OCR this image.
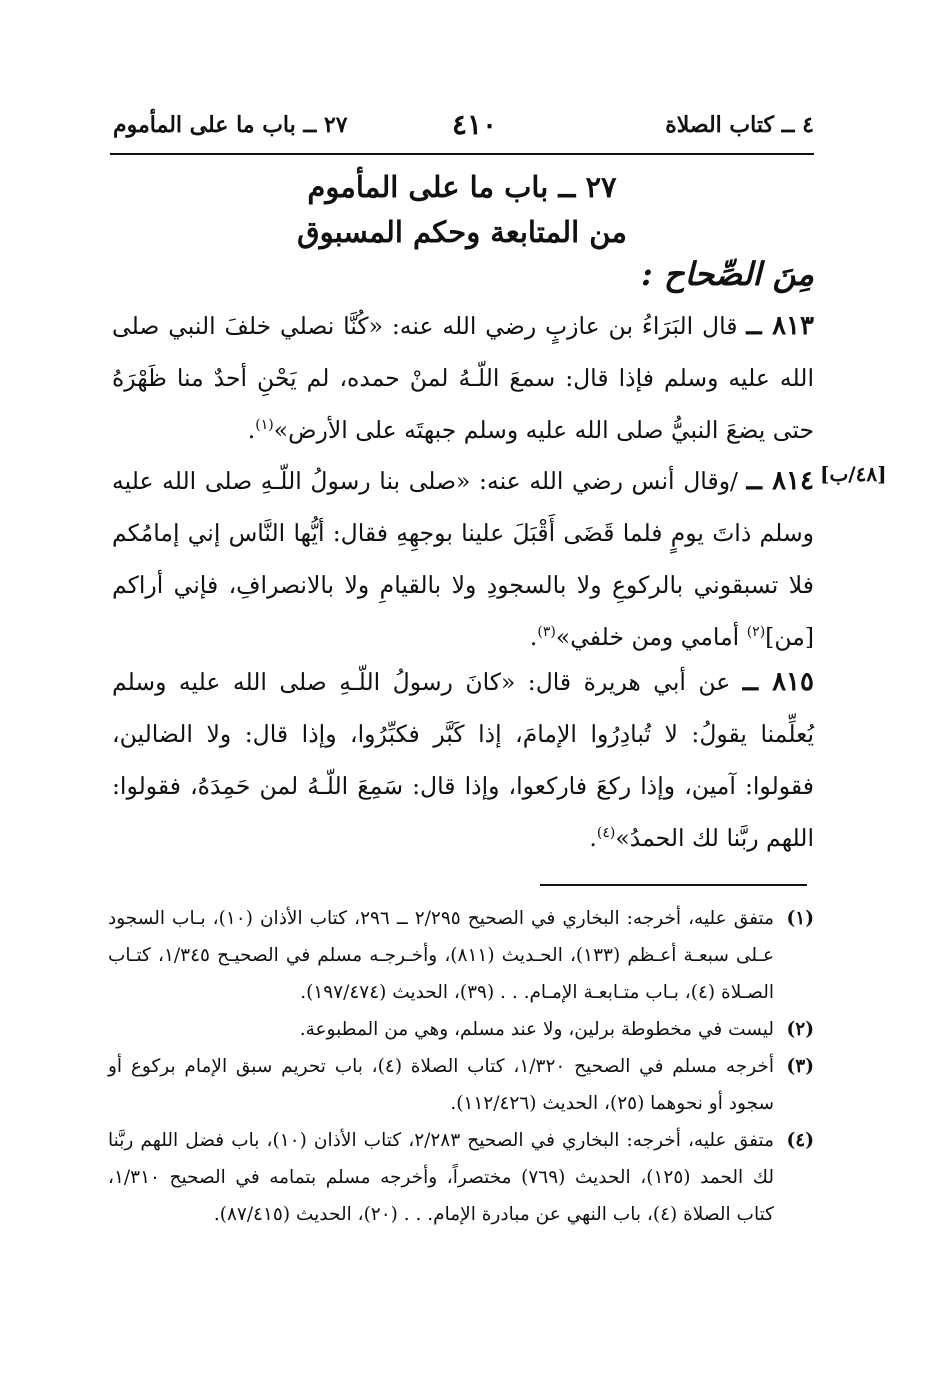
٤ ــ كتاب الصلاة
٤١٠
٢٧ ــ باب ما على المأموم
٢٧ ــ باب ما على المأموم
من المتابعة وحكم المسبوق
مِنَ الصِّحاح :
٨١٣ ــ قال البَرَاءُ بن عازبٍ رضي الله عنه: «كُنَّا نصلي خلفَ النبي صلى الله عليه وسلم فإذا قال: سمعَ اللّـهُ لمنْ حمده، لم يَحْنِ أحدٌ منا ظَهْرَهُ حتى يضعَ النبيُّ صلى الله عليه وسلم جبهتَه على الأرض»$^{(١)}$.
[٤٨/ب]
٨١٤ ــ /وقال أنس رضي الله عنه: «صلى بنا رسولُ اللّـهِ صلى الله عليه وسلم ذاتَ يومٍ فلما قَضَى أَقْبَلَ علينا بوجهِهِ فقال: أيُّها النَّاس إني إمامُكم فلا تسبقوني بالركوعِ ولا بالسجودِ ولا بالقيامِ ولا بالانصرافِ، فإني أراكم [من]$^{(٢)}$ أمامي ومن خلفي»$^{(٣)}$.
٨١٥ ــ عن أبي هريرة قال: «كانَ رسولُ اللّـهِ صلى الله عليه وسلم يُعلِّمنا يقولُ: لا تُبادِرُوا الإمامَ، إذا كَبَّر فكبِّرُوا، وإذا قال: ولا الضالين، فقولوا: آمين، وإذا ركعَ فاركعوا، وإذا قال: سَمِعَ اللّـهُ لمن حَمِدَهُ، فقولوا: اللهم ربَّنا لك الحمدُ»$^{(٤)}$.
(١)
متفق عليه، أخرجه: البخاري في الصحيح ٢/٢٩٥ ــ ٢٩٦، كتاب الأذان (١٠)، بـاب السجود عـلى سبعـة أعـظم (١٣٣)، الحـديث (٨١١)، وأخـرجـه مسلم في الصحيـح ١/٣٤٥، كتـاب الصـلاة (٤)، بـاب متـابعـة الإمـام. . . (٣٩)، الحديث (١٩٧/٤٧٤).
(٢)
ليست في مخطوطة برلين، ولا عند مسلم، وهي من المطبوعة.
(٣)
أخرجه مسلم في الصحيح ١/٣٢٠، كتاب الصلاة (٤)، باب تحريم سبق الإمام بركوع أو سجود أو نحوهما (٢٥)، الحديث (١١٢/٤٢٦).
(٤)
متفق عليه، أخرجه: البخاري في الصحيح ٢/٢٨٣، كتاب الأذان (١٠)، باب فضل اللهم ربَّنا لك الحمد (١٢٥)، الحديث (٧٦٩) مختصراً، وأخرجه مسلم بتمامه في الصحيح ١/٣١٠، كتاب الصلاة (٤)، باب النهي عن مبادرة الإمام. . . (٢٠)، الحديث (٨٧/٤١٥).
